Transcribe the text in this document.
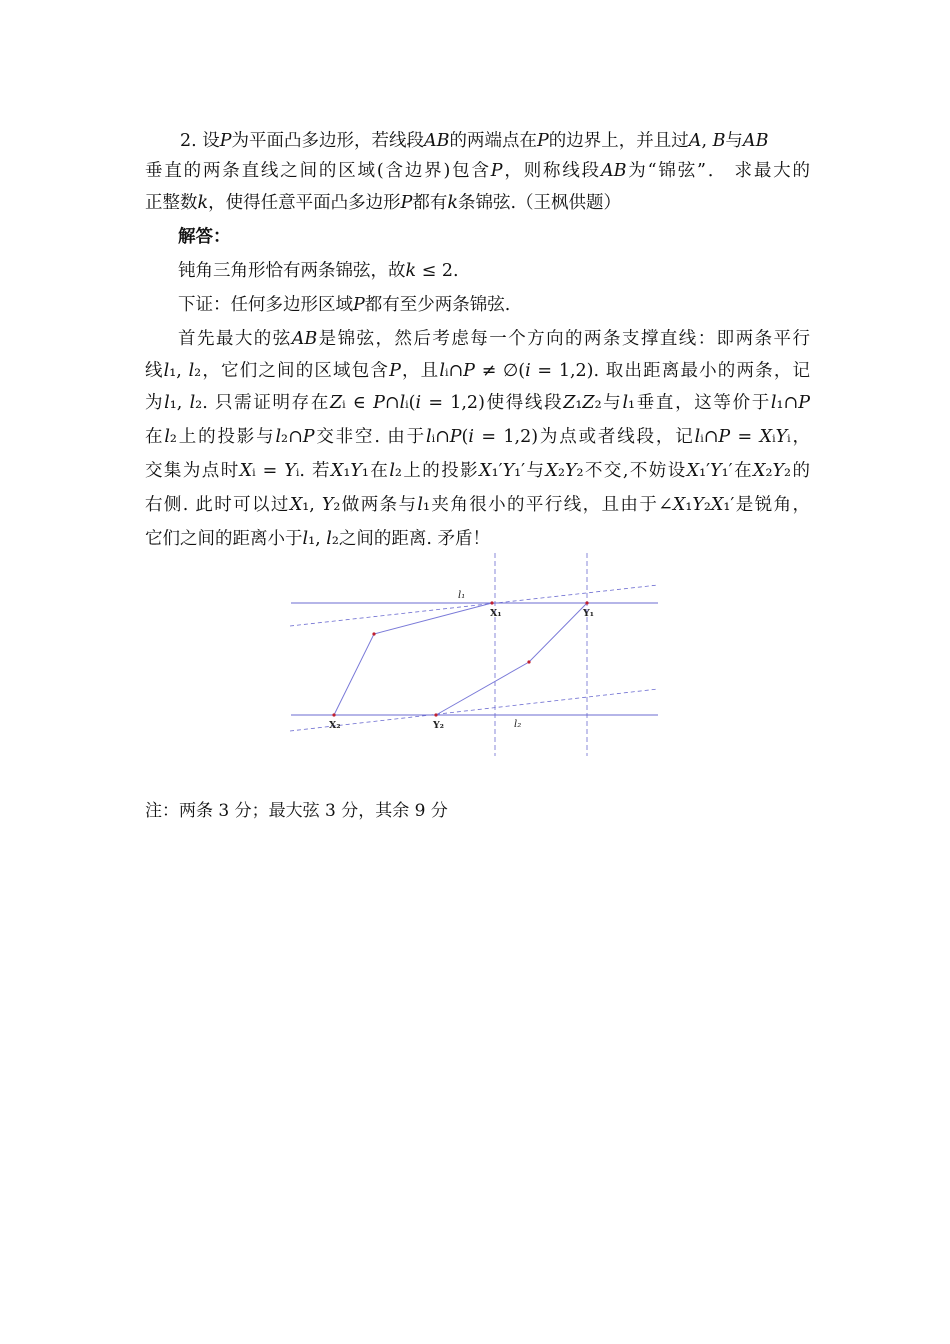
2. 设𝑃为平面凸多边形，若线段𝐴𝐵的两端点在𝑃的边界上，并且过𝐴, 𝐵与𝐴𝐵
垂直的两条直线之间的区域(含边界)包含𝑃，则称线段𝐴𝐵为“锦弦”． 求最大的
正整数𝑘，使得任意平面凸多边形𝑃都有𝑘条锦弦.（王枫供题）
解答：
钝角三角形恰有两条锦弦，故𝑘 ≤ 2.
下证：任何多边形区域𝑃都有至少两条锦弦.
首先最大的弦𝐴𝐵是锦弦，然后考虑每一个方向的两条支撑直线：即两条平行
线𝑙₁, 𝑙₂，它们之间的区域包含𝑃，且𝑙ᵢ∩𝑃 ≠ ∅(𝑖 = 1,2). 取出距离最小的两条，记
为𝑙₁, 𝑙₂. 只需证明存在𝑍ᵢ ∈ 𝑃∩𝑙ᵢ(𝑖 = 1,2)使得线段𝑍₁𝑍₂与𝑙₁垂直，这等价于𝑙₁∩𝑃
在𝑙₂上的投影与𝑙₂∩𝑃交非空. 由于𝑙ᵢ∩𝑃(𝑖 = 1,2)为点或者线段，记𝑙ᵢ∩𝑃 = 𝑋ᵢ𝑌ᵢ，
交集为点时𝑋ᵢ = 𝑌ᵢ. 若𝑋₁𝑌₁在𝑙₂上的投影𝑋₁′𝑌₁′与𝑋₂𝑌₂不交,不妨设𝑋₁′𝑌₁′在𝑋₂𝑌₂的
右侧. 此时可以过𝑋₁, 𝑌₂做两条与𝑙₁夹角很小的平行线，且由于∠𝑋₁𝑌₂𝑋₁′是锐角，
它们之间的距离小于𝑙₁, 𝑙₂之间的距离. 矛盾！
l₁
l₂
X₁	Y₁
X₂	Y₂
注：两条 3 分；最大弦 3 分，其余 9 分
